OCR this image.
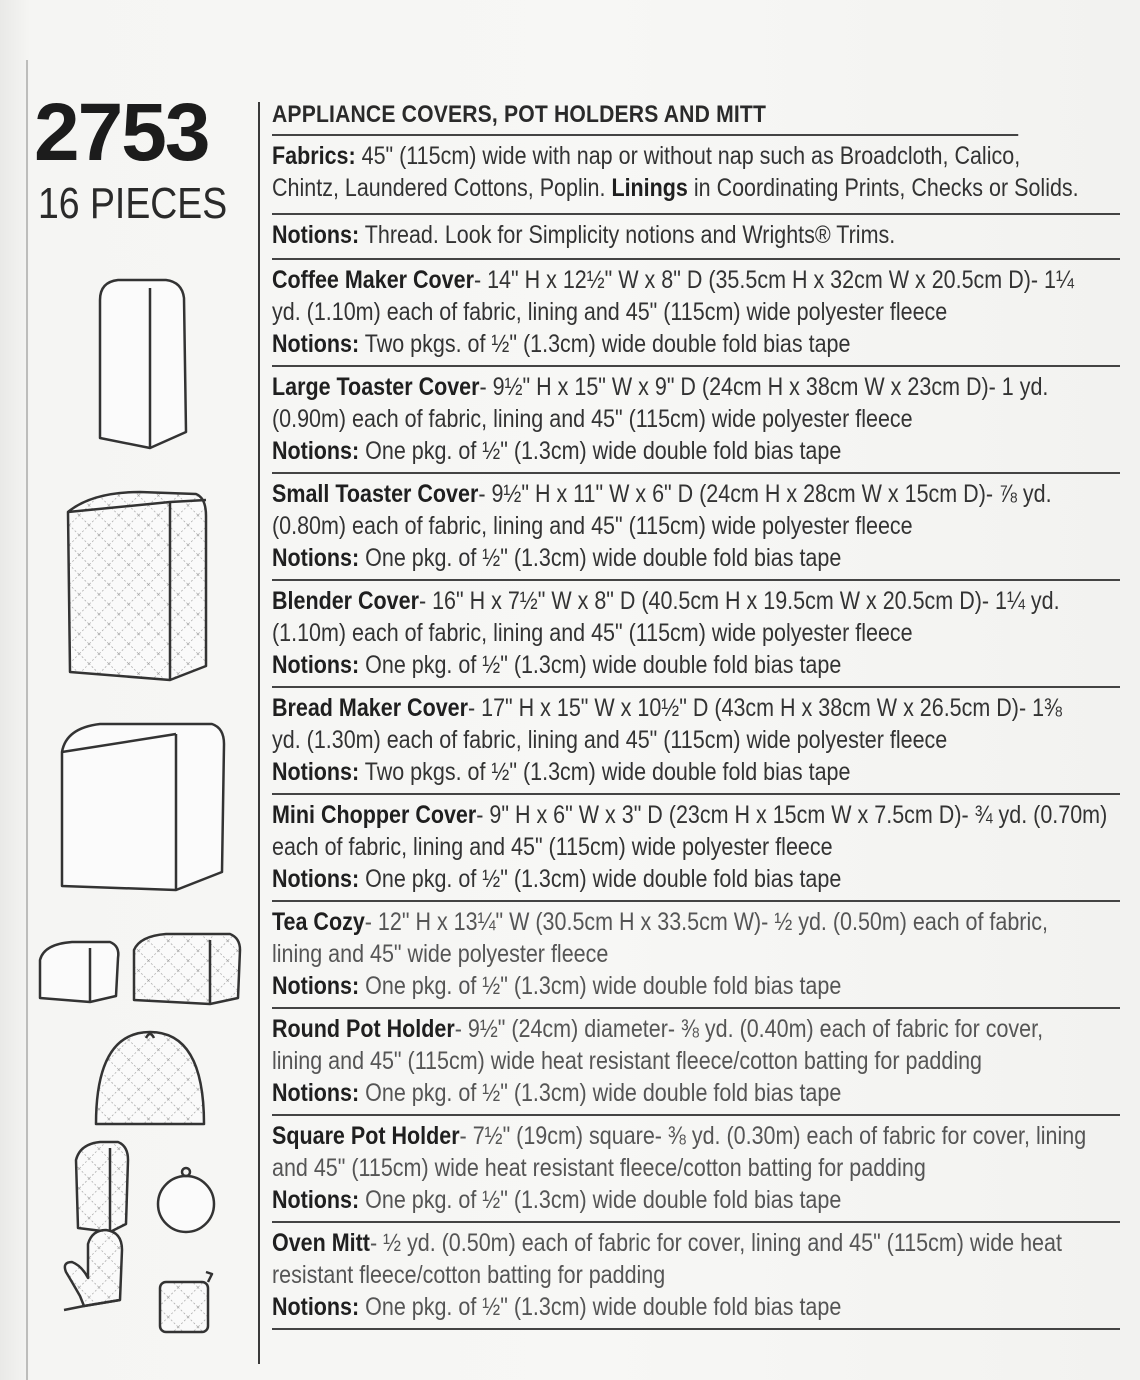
2753
16 PIECES
APPLIANCE COVERS, POT HOLDERS AND MITT
Fabrics: 45" (115cm) wide with nap or without nap such as Broadcloth, Calico,
Chintz, Laundered Cottons, Poplin. Linings in Coordinating Prints, Checks or Solids.
Notions: Thread. Look for Simplicity notions and Wrights® Trims.
Coffee Maker Cover- 14" H x 12½" W x 8" D (35.5cm H x 32cm W x 20.5cm D)- 1¼
yd. (1.10m) each of fabric, lining and 45" (115cm) wide polyester fleece
Notions: Two pkgs. of ½" (1.3cm) wide double fold bias tape
Large Toaster Cover- 9½" H x 15" W x 9" D (24cm H x 38cm W x 23cm D)- 1 yd.
(0.90m) each of fabric, lining and 45" (115cm) wide polyester fleece
Notions: One pkg. of ½" (1.3cm) wide double fold bias tape
Small Toaster Cover- 9½" H x 11" W x 6" D (24cm H x 28cm W x 15cm D)- ⅞ yd.
(0.80m) each of fabric, lining and 45" (115cm) wide polyester fleece
Notions: One pkg. of ½" (1.3cm) wide double fold bias tape
Blender Cover- 16" H x 7½" W x 8" D (40.5cm H x 19.5cm W x 20.5cm D)- 1¼ yd.
(1.10m) each of fabric, lining and 45" (115cm) wide polyester fleece
Notions: One pkg. of ½" (1.3cm) wide double fold bias tape
Bread Maker Cover- 17" H x 15" W x 10½" D (43cm H x 38cm W x 26.5cm D)- 1⅜
yd. (1.30m) each of fabric, lining and 45" (115cm) wide polyester fleece
Notions: Two pkgs. of ½" (1.3cm) wide double fold bias tape
Mini Chopper Cover- 9" H x 6" W x 3" D (23cm H x 15cm W x 7.5cm D)- ¾ yd. (0.70m)
each of fabric, lining and 45" (115cm) wide polyester fleece
Notions: One pkg. of ½" (1.3cm) wide double fold bias tape
Tea Cozy- 12" H x 13¼" W (30.5cm H x 33.5cm W)- ½ yd. (0.50m) each of fabric,
lining and 45" wide polyester fleece
Notions: One pkg. of ½" (1.3cm) wide double fold bias tape
Round Pot Holder- 9½" (24cm) diameter- ⅜ yd. (0.40m) each of fabric for cover,
lining and 45" (115cm) wide heat resistant fleece/cotton batting for padding
Notions: One pkg. of ½" (1.3cm) wide double fold bias tape
Square Pot Holder- 7½" (19cm) square- ⅜ yd. (0.30m) each of fabric for cover, lining
and 45" (115cm) wide heat resistant fleece/cotton batting for padding
Notions: One pkg. of ½" (1.3cm) wide double fold bias tape
Oven Mitt- ½ yd. (0.50m) each of fabric for cover, lining and 45" (115cm) wide heat
resistant fleece/cotton batting for padding
Notions: One pkg. of ½" (1.3cm) wide double fold bias tape
